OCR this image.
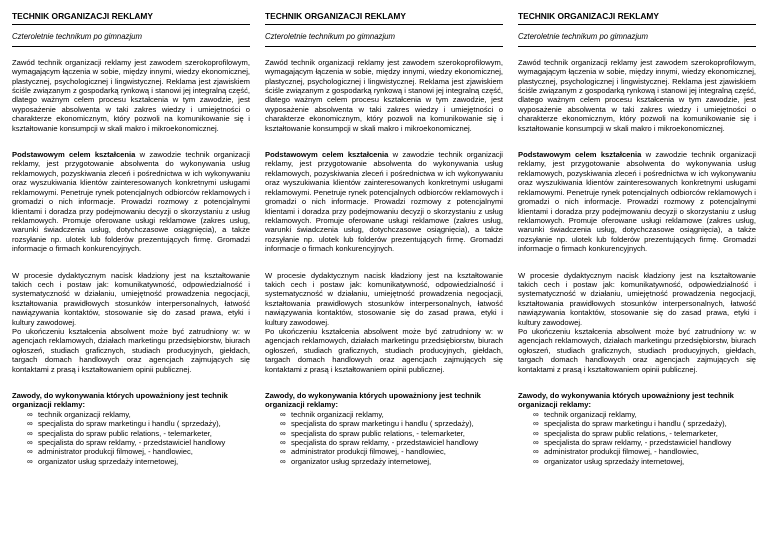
TECHNIK ORGANIZACJI REKLAMY
Czteroletnie technikum po gimnazjum

Zawód technik organizacji reklamy jest zawodem szerokoprofilowym, wymagającym łączenia w sobie, między innymi, wiedzy ekonomicznej, plastycznej, psychologicznej i lingwistycznej. Reklama jest zjawiskiem ściśle związanym z gospodarką rynkową i stanowi jej integralną część, dlatego ważnym celem procesu kształcenia w tym zawodzie, jest wyposażenie absolwenta w taki zakres wiedzy i umiejętności o charakterze ekonomicznym, który pozwoli na komunikowanie się i kształtowanie konsumpcji w skali makro i mikroekonomicznej.

Podstawowym celem kształcenia w zawodzie technik organizacji reklamy, jest przygotowanie absolwenta do wykonywania usług reklamowych, pozyskiwania zleceń i pośrednictwa w ich wykonywaniu oraz wyszukiwania klientów zainteresowanych konkretnymi usługami reklamowymi. Penetruje rynek potencjalnych odbiorców reklamowych i gromadzi o nich informacje. Prowadzi rozmowy z potencjalnymi klientami i doradza przy podejmowaniu decyzji o skorzystaniu z usług reklamowych. Promuje oferowane usługi reklamowe (zakres usług, warunki świadczenia usług, dotychczasowe osiągnięcia), a także rozsyłanie np. ulotek lub folderów prezentujących firmę. Gromadzi informacje o firmach konkurencyjnych.

W procesie dydaktycznym nacisk kładziony jest na kształtowanie takich cech i postaw jak: komunikatywność, odpowiedzialność i systematyczność w działaniu, umiejętność prowadzenia negocjacji, kształtowania prawidłowych stosunków interpersonalnych, łatwość nawiązywania kontaktów, stosowanie się do zasad prawa, etyki i kultury zawodowej.

Po ukończeniu kształcenia absolwent może być zatrudniony w: w agencjach reklamowych, działach marketingu przedsiębiorstw, biurach ogłoszeń, studiach graficznych, studiach producyjnych, giełdach, targach domach handlowych oraz agencjach zajmujących się kontaktami z prasą i kształtowaniem opinii publicznej.

Zawody, do wykonywania których upoważniony jest technik organizacji reklamy:
∞ technik organizacji reklamy,
∞ specjalista do spraw marketingu i handlu ( sprzedaży),
∞ specjalista do spraw public relations, - telemarketer,
∞ specjalista do spraw reklamy, - przedstawiciel handlowy
∞ administrator produkcji filmowej, - handlowiec,
∞ organizator usług sprzedaży internetowej,
TECHNIK ORGANIZACJI REKLAMY
Czteroletnie technikum po gimnazjum

Zawód technik organizacji reklamy jest zawodem szerokoprofilowym, wymagającym łączenia w sobie, między innymi, wiedzy ekonomicznej, plastycznej, psychologicznej i lingwistycznej. Reklama jest zjawiskiem ściśle związanym z gospodarką rynkową i stanowi jej integralną część, dlatego ważnym celem procesu kształcenia w tym zawodzie, jest wyposażenie absolwenta w taki zakres wiedzy i umiejętności o charakterze ekonomicznym, który pozwoli na komunikowanie się i kształtowanie konsumpcji w skali makro i mikroekonomicznej.

Podstawowym celem kształcenia w zawodzie technik organizacji reklamy, jest przygotowanie absolwenta do wykonywania usług reklamowych, pozyskiwania zleceń i pośrednictwa w ich wykonywaniu oraz wyszukiwania klientów zainteresowanych konkretnymi usługami reklamowymi. Penetruje rynek potencjalnych odbiorców reklamowych i gromadzi o nich informacje. Prowadzi rozmowy z potencjalnymi klientami i doradza przy podejmowaniu decyzji o skorzystaniu z usług reklamowych. Promuje oferowane usługi reklamowe (zakres usług, warunki świadczenia usług, dotychczasowe osiągnięcia), a także rozsyłanie np. ulotek lub folderów prezentujących firmę. Gromadzi informacje o firmach konkurencyjnych.

W procesie dydaktycznym nacisk kładziony jest na kształtowanie takich cech i postaw jak: komunikatywność, odpowiedzialność i systematyczność w działaniu, umiejętność prowadzenia negocjacji, kształtowania prawidłowych stosunków interpersonalnych, łatwość nawiązywania kontaktów, stosowanie się do zasad prawa, etyki i kultury zawodowej.

Po ukończeniu kształcenia absolwent może być zatrudniony w: w agencjach reklamowych, działach marketingu przedsiębiorstw, biurach ogłoszeń, studiach graficznych, studiach producyjnych, giełdach, targach domach handlowych oraz agencjach zajmujących się kontaktami z prasą i kształtowaniem opinii publicznej.

Zawody, do wykonywania których upoważniony jest technik organizacji reklamy:
∞ technik organizacji reklamy,
∞ specjalista do spraw marketingu i handlu ( sprzedaży),
∞ specjalista do spraw public relations, - telemarketer,
∞ specjalista do spraw reklamy, - przedstawiciel handlowy
∞ administrator produkcji filmowej, - handlowiec,
∞ organizator usług sprzedaży internetowej,
TECHNIK ORGANIZACJI REKLAMY
Czteroletnie technikum po gimnazjum

Zawód technik organizacji reklamy jest zawodem szerokoprofilowym, wymagającym łączenia w sobie, między innymi, wiedzy ekonomicznej, plastycznej, psychologicznej i lingwistycznej. Reklama jest zjawiskiem ściśle związanym z gospodarką rynkową i stanowi jej integralną część, dlatego ważnym celem procesu kształcenia w tym zawodzie, jest wyposażenie absolwenta w taki zakres wiedzy i umiejętności o charakterze ekonomicznym, który pozwoli na komunikowanie się i kształtowanie konsumpcji w skali makro i mikroekonomicznej.

Podstawowym celem kształcenia w zawodzie technik organizacji reklamy, jest przygotowanie absolwenta do wykonywania usług reklamowych, pozyskiwania zleceń i pośrednictwa w ich wykonywaniu oraz wyszukiwania klientów zainteresowanych konkretnymi usługami reklamowymi. Penetruje rynek potencjalnych odbiorców reklamowych i gromadzi o nich informacje. Prowadzi rozmowy z potencjalnymi klientami i doradza przy podejmowaniu decyzji o skorzystaniu z usług reklamowych. Promuje oferowane usługi reklamowe (zakres usług, warunki świadczenia usług, dotychczasowe osiągnięcia), a także rozsyłanie np. ulotek lub folderów prezentujących firmę. Gromadzi informacje o firmach konkurencyjnych.

W procesie dydaktycznym nacisk kładziony jest na kształtowanie takich cech i postaw jak: komunikatywność, odpowiedzialność i systematyczność w działaniu, umiejętność prowadzenia negocjacji, kształtowania prawidłowych stosunków interpersonalnych, łatwość nawiązywania kontaktów, stosowanie się do zasad prawa, etyki i kultury zawodowej.

Po ukończeniu kształcenia absolwent może być zatrudniony w: w agencjach reklamowych, działach marketingu przedsiębiorstw, biurach ogłoszeń, studiach graficznych, studiach producyjnych, giełdach, targach domach handlowych oraz agencjach zajmujących się kontaktami z prasą i kształtowaniem opinii publicznej.

Zawody, do wykonywania których upoważniony jest technik organizacji reklamy:
∞ technik organizacji reklamy,
∞ specjalista do spraw marketingu i handlu ( sprzedaży),
∞ specjalista do spraw public relations, - telemarketer,
∞ specjalista do spraw reklamy, - przedstawiciel handlowy
∞ administrator produkcji filmowej, - handlowiec,
∞ organizator usług sprzedaży internetowej,
